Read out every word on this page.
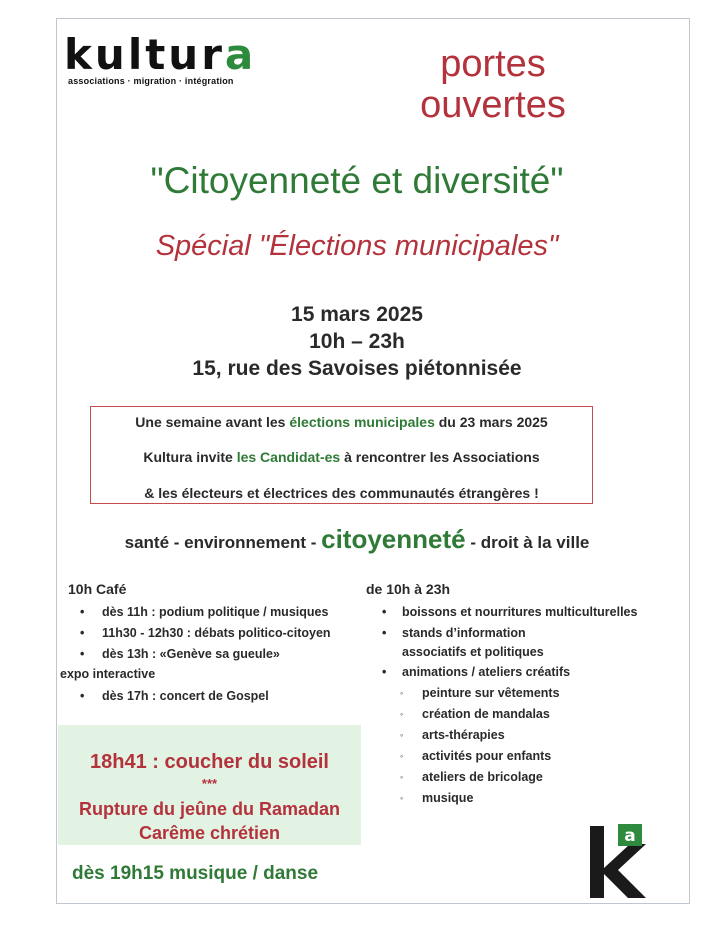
kultura
associations · migration · intégration	portes
ouvertes
"Citoyenneté et diversité"
Spécial "Élections municipales"
15 mars 2025
10h – 23h
15, rue des Savoises piétonnisée
Une semaine avant les élections municipales du 23 mars 2025
Kultura invite les Candidat-es à rencontrer les Associations
& les électeurs et électrices des communautés étrangères !
santé - environnement - citoyenneté - droit à la ville
10h Café
• dès 11h : podium politique / musiques
• 11h30 - 12h30 : débats politico-citoyen
• dès 13h : «Genève sa gueule»
expo interactive
• dès 17h : concert de Gospel
de 10h à 23h
• boissons et nourritures multiculturelles
• stands d’information
associatifs et politiques
• animations / ateliers créatifs
◦ peinture sur vêtements
◦ création de mandalas
◦ arts-thérapies
◦ activités pour enfants
◦ ateliers de bricolage
◦ musique
18h41 : coucher du soleil
***
Rupture du jeûne du Ramadan
Carême chrétien
dès 19h15 musique / danse
a
